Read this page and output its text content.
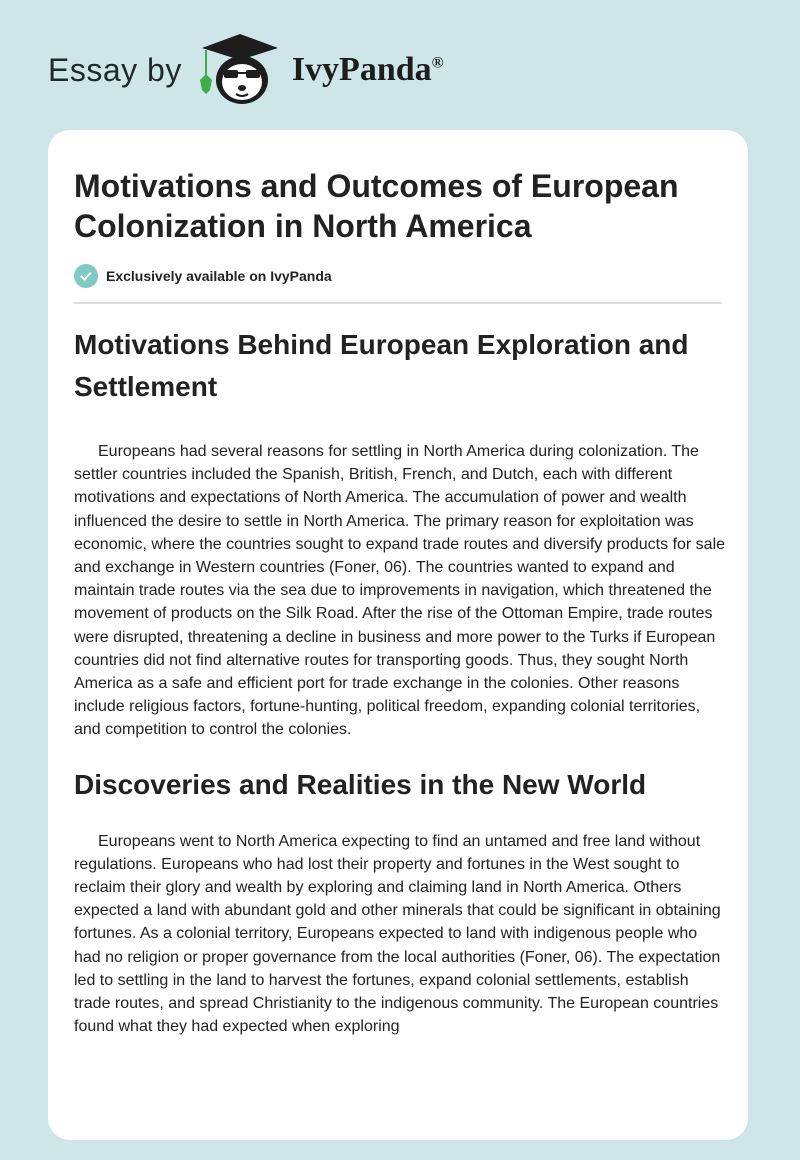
Essay by	IvyPanda®
Motivations and Outcomes of European Colonization in North America
Exclusively available on IvyPanda
Motivations Behind European Exploration and Settlement

Europeans had several reasons for settling in North America during colonization. The settler countries included the Spanish, British, French, and Dutch, each with different motivations and expectations of North America. The accumulation of power and wealth influenced the desire to settle in North America. The primary reason for exploitation was economic, where the countries sought to expand trade routes and diversify products for sale and exchange in Western countries (Foner, 06). The countries wanted to expand and maintain trade routes via the sea due to improvements in navigation, which threatened the movement of products on the Silk Road. After the rise of the Ottoman Empire, trade routes were disrupted, threatening a decline in business and more power to the Turks if European countries did not find alternative routes for transporting goods. Thus, they sought North America as a safe and efficient port for trade exchange in the colonies. Other reasons include religious factors, fortune-hunting, political freedom, expanding colonial territories, and competition to control the colonies.

Discoveries and Realities in the New World

Europeans went to North America expecting to find an untamed and free land without regulations. Europeans who had lost their property and fortunes in the West sought to reclaim their glory and wealth by exploring and claiming land in North America. Others expected a land with abundant gold and other minerals that could be significant in obtaining fortunes. As a colonial territory, Europeans expected to land with indigenous people who had no religion or proper governance from the local authorities (Foner, 06). The expectation led to settling in the land to harvest the fortunes, expand colonial settlements, establish trade routes, and spread Christianity to the indigenous community. The European countries found what they had expected when exploring
